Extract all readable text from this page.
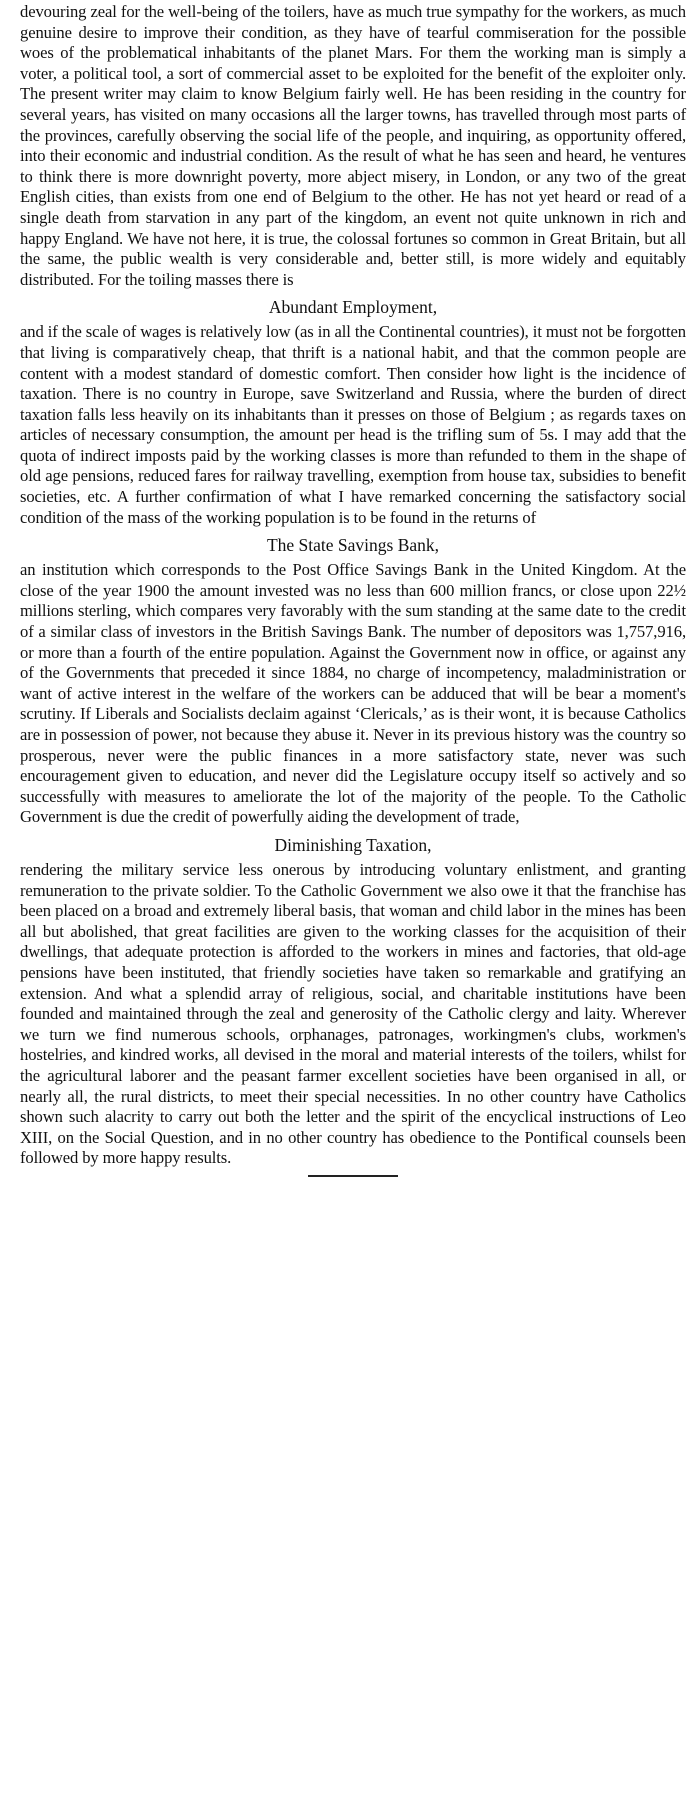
devouring zeal for the well-being of the toilers, have as much true sympathy for the workers, as much genuine desire to improve their condition, as they have of tearful commiseration for the possible woes of the problematical inhabitants of the planet Mars. For them the working man is simply a voter, a political tool, a sort of commercial asset to be exploited for the benefit of the exploiter only. The present writer may claim to know Belgium fairly well. He has been residing in the country for several years, has visited on many occasions all the larger towns, has travelled through most parts of the provinces, carefully observing the social life of the people, and inquiring, as opportunity offered, into their economic and industrial condition. As the result of what he has seen and heard, he ventures to think there is more downright poverty, more abject misery, in London, or any two of the great English cities, than exists from one end of Belgium to the other. He has not yet heard or read of a single death from starvation in any part of the kingdom, an event not quite unknown in rich and happy England. We have not here, it is true, the colossal fortunes so common in Great Britain, but all the same, the public wealth is very considerable and, better still, is more widely and equitably distributed. For the toiling masses there is

Abundant Employment,

and if the scale of wages is relatively low (as in all the Continental countries), it must not be forgotten that living is comparatively cheap, that thrift is a national habit, and that the common people are content with a modest standard of domestic comfort. Then consider how light is the incidence of taxation. There is no country in Europe, save Switzerland and Russia, where the burden of direct taxation falls less heavily on its inhabitants than it presses on those of Belgium ; as regards taxes on articles of necessary consumption, the amount per head is the trifling sum of 5s. I may add that the quota of indirect imposts paid by the working classes is more than refunded to them in the shape of old age pensions, reduced fares for railway travelling, exemption from house tax, subsidies to benefit societies, etc. A further confirmation of what I have remarked concerning the satisfactory social condition of the mass of the working population is to be found in the returns of

The State Savings Bank,

an institution which corresponds to the Post Office Savings Bank in the United Kingdom. At the close of the year 1900 the amount invested was no less than 600 million francs, or close upon 22½ millions sterling, which compares very favorably with the sum standing at the same date to the credit of a similar class of investors in the British Savings Bank. The number of depositors was 1,757,916, or more than a fourth of the entire population. Against the Government now in office, or against any of the Governments that preceded it since 1884, no charge of incompetency, maladministration or want of active interest in the welfare of the workers can be adduced that will be bear a moment's scrutiny. If Liberals and Socialists declaim against ‘Clericals,’ as is their wont, it is because Catholics are in possession of power, not because they abuse it. Never in its previous history was the country so prosperous, never were the public finances in a more satisfactory state, never was such encouragement given to education, and never did the Legislature occupy itself so actively and so successfully with measures to ameliorate the lot of the majority of the people. To the Catholic Government is due the credit of powerfully aiding the development of trade,

Diminishing Taxation,

rendering the military service less onerous by introducing voluntary enlistment, and granting remuneration to the private soldier. To the Catholic Government we also owe it that the franchise has been placed on a broad and extremely liberal basis, that woman and child labor in the mines has been all but abolished, that great facilities are given to the working classes for the acquisition of their dwellings, that adequate protection is afforded to the workers in mines and factories, that old-age pensions have been instituted, that friendly societies have taken so remarkable and gratifying an extension. And what a splendid array of religious, social, and charitable institutions have been founded and maintained through the zeal and generosity of the Catholic clergy and laity. Wherever we turn we find numerous schools, orphanages, patronages, workingmen's clubs, workmen's hostelries, and kindred works, all devised in the moral and material interests of the toilers, whilst for the agricultural laborer and the peasant farmer excellent societies have been organised in all, or nearly all, the rural districts, to meet their special necessities. In no other country have Catholics shown such alacrity to carry out both the letter and the spirit of the encyclical instructions of Leo XIII, on the Social Question, and in no other country has obedience to the Pontifical counsels been followed by more happy results.
